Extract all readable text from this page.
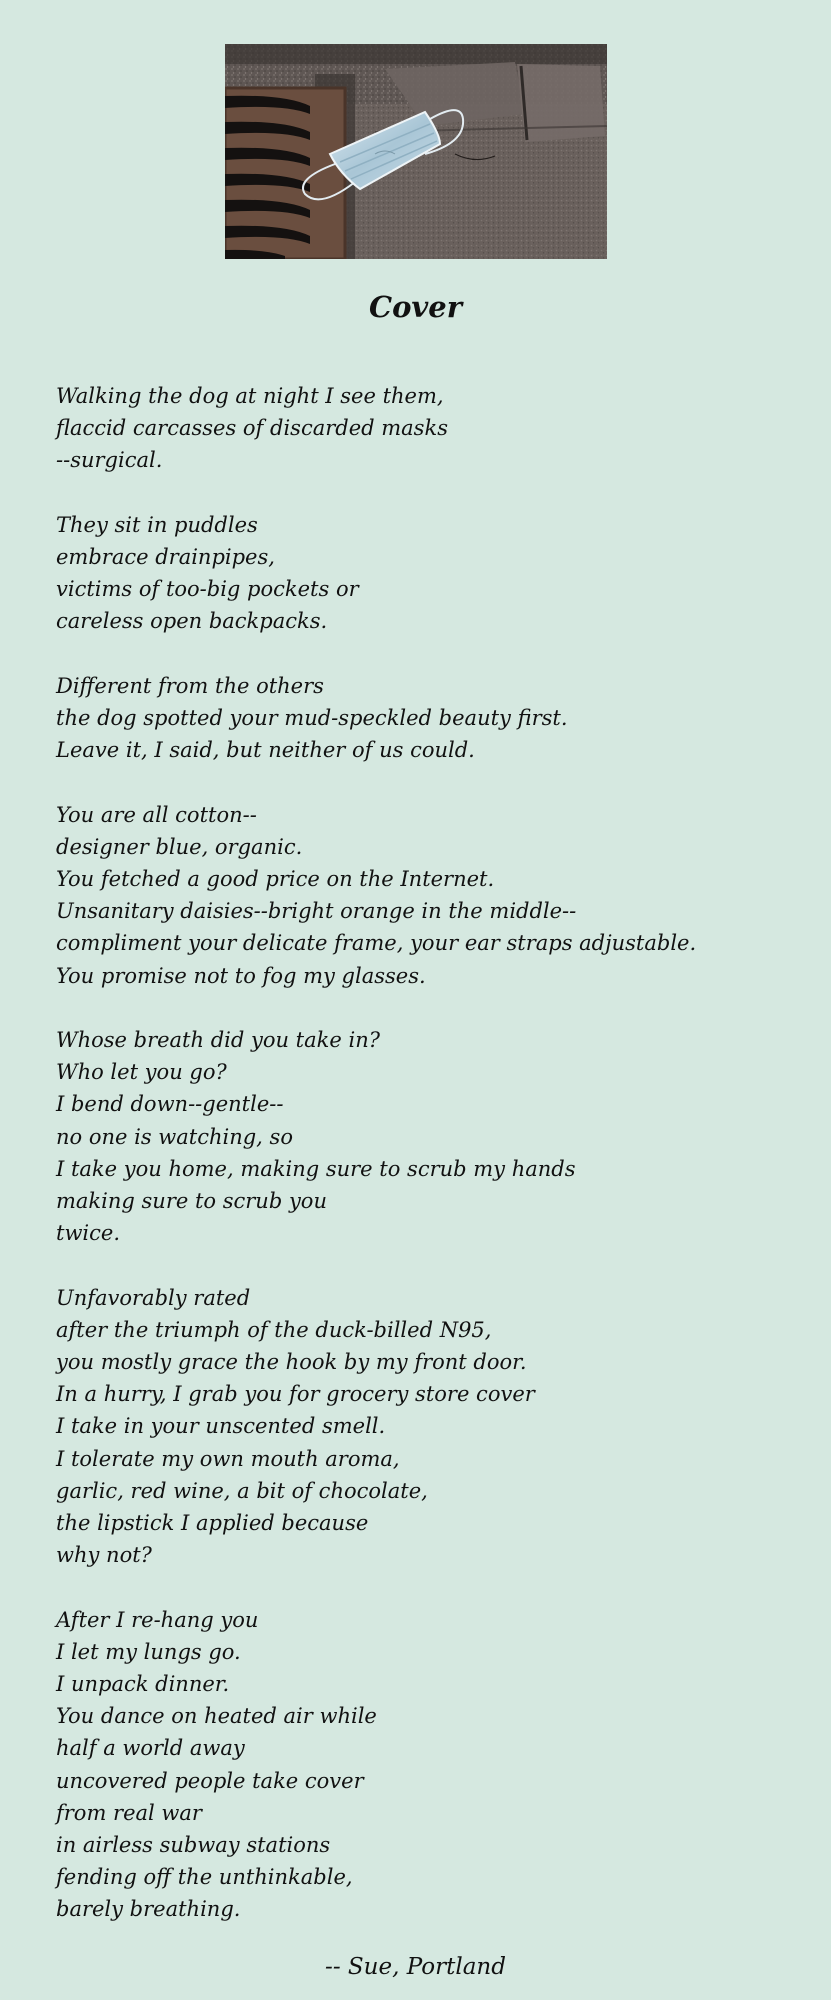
Cover
Walking the dog at night I see them,
flaccid carcasses of discarded masks
--surgical.
They sit in puddles
embrace drainpipes,
victims of too-big pockets or
careless open backpacks.
Different from the others
the dog spotted your mud-speckled beauty first.
Leave it, I said, but neither of us could.
You are all cotton--
designer blue, organic.
You fetched a good price on the Internet.
Unsanitary daisies--bright orange in the middle--
compliment your delicate frame, your ear straps adjustable.
You promise not to fog my glasses.
Whose breath did you take in?
Who let you go?
I bend down--gentle--
no one is watching, so
I take you home, making sure to scrub my hands
making sure to scrub you
twice.
Unfavorably rated
after the triumph of the duck-billed N95,
you mostly grace the hook by my front door.
In a hurry, I grab you for grocery store cover
I take in your unscented smell.
I tolerate my own mouth aroma,
garlic, red wine, a bit of chocolate,
the lipstick I applied because
why not?
After I re-hang you
I let my lungs go.
I unpack dinner.
You dance on heated air while
half a world away
uncovered people take cover
from real war
in airless subway stations
fending off the unthinkable,
barely breathing.
-- Sue, Portland
